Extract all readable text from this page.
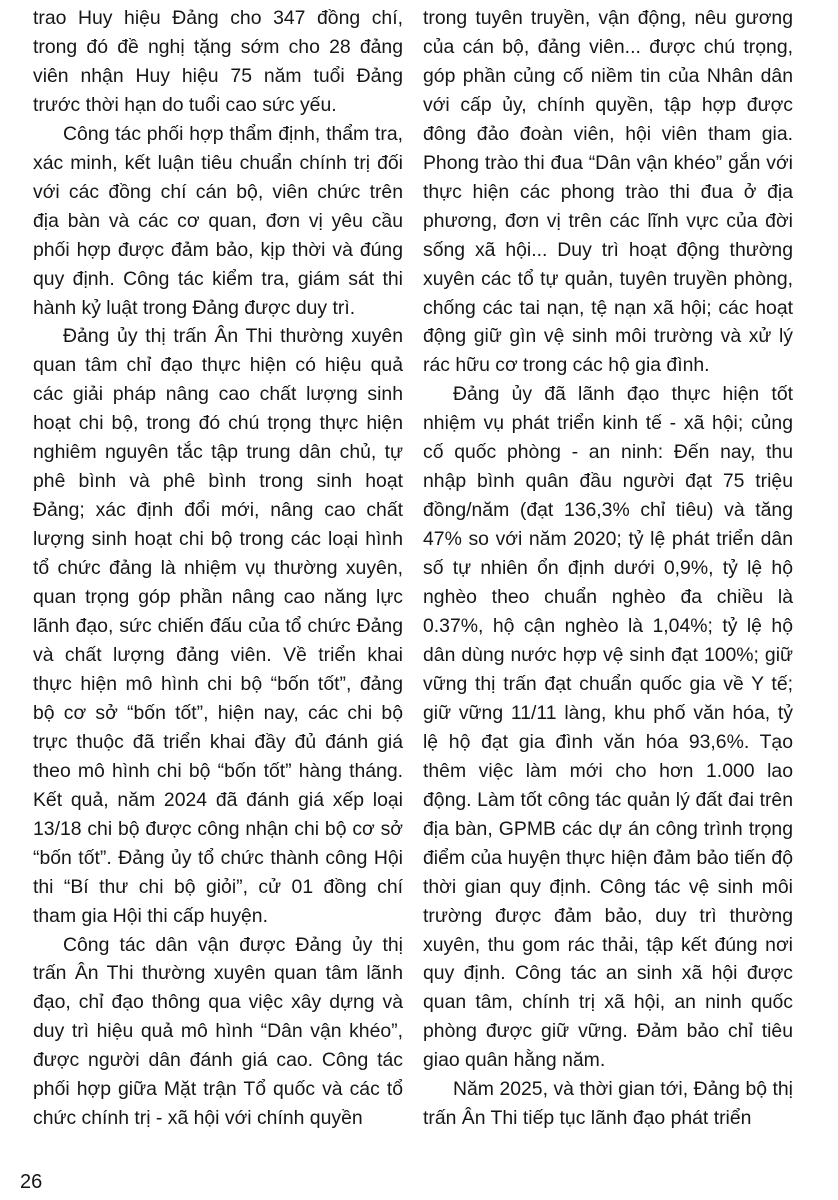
trao Huy hiệu Đảng cho 347 đồng chí, trong đó đề nghị tặng sớm cho 28 đảng viên nhận Huy hiệu 75 năm tuổi Đảng trước thời hạn do tuổi cao sức yếu.

Công tác phối hợp thẩm định, thẩm tra, xác minh, kết luận tiêu chuẩn chính trị đối với các đồng chí cán bộ, viên chức trên địa bàn và các cơ quan, đơn vị yêu cầu phối hợp được đảm bảo, kịp thời và đúng quy định. Công tác kiểm tra, giám sát thi hành kỷ luật trong Đảng được duy trì.

Đảng ủy thị trấn Ân Thi thường xuyên quan tâm chỉ đạo thực hiện có hiệu quả các giải pháp nâng cao chất lượng sinh hoạt chi bộ, trong đó chú trọng thực hiện nghiêm nguyên tắc tập trung dân chủ, tự phê bình và phê bình trong sinh hoạt Đảng; xác định đổi mới, nâng cao chất lượng sinh hoạt chi bộ trong các loại hình tổ chức đảng là nhiệm vụ thường xuyên, quan trọng góp phần nâng cao năng lực lãnh đạo, sức chiến đấu của tổ chức Đảng và chất lượng đảng viên. Về triển khai thực hiện mô hình chi bộ “bốn tốt”, đảng bộ cơ sở “bốn tốt”, hiện nay, các chi bộ trực thuộc đã triển khai đầy đủ đánh giá theo mô hình chi bộ “bốn tốt” hàng tháng. Kết quả, năm 2024 đã đánh giá xếp loại 13/18 chi bộ được công nhận chi bộ cơ sở “bốn tốt”. Đảng ủy tổ chức thành công Hội thi “Bí thư chi bộ giỏi”, cử 01 đồng chí tham gia Hội thi cấp huyện.

Công tác dân vận được Đảng ủy thị trấn Ân Thi thường xuyên quan tâm lãnh đạo, chỉ đạo thông qua việc xây dựng và duy trì hiệu quả mô hình “Dân vận khéo”, được người dân đánh giá cao. Công tác phối hợp giữa Mặt trận Tổ quốc và các tổ chức chính trị - xã hội với chính quyền

trong tuyên truyền, vận động, nêu gương của cán bộ, đảng viên... được chú trọng, góp phần củng cố niềm tin của Nhân dân với cấp ủy, chính quyền, tập hợp được đông đảo đoàn viên, hội viên tham gia. Phong trào thi đua “Dân vận khéo” gắn với thực hiện các phong trào thi đua ở địa phương, đơn vị trên các lĩnh vực của đời sống xã hội... Duy trì hoạt động thường xuyên các tổ tự quản, tuyên truyền phòng, chống các tai nạn, tệ nạn xã hội; các hoạt động giữ gìn vệ sinh môi trường và xử lý rác hữu cơ trong các hộ gia đình.

Đảng ủy đã lãnh đạo thực hiện tốt nhiệm vụ phát triển kinh tế - xã hội; củng cố quốc phòng - an ninh: Đến nay, thu nhập bình quân đầu người đạt 75 triệu đồng/năm (đạt 136,3% chỉ tiêu) và tăng 47% so với năm 2020; tỷ lệ phát triển dân số tự nhiên ổn định dưới 0,9%, tỷ lệ hộ nghèo theo chuẩn nghèo đa chiều là 0.37%, hộ cận nghèo là 1,04%; tỷ lệ hộ dân dùng nước hợp vệ sinh đạt 100%; giữ vững thị trấn đạt chuẩn quốc gia về Y tế; giữ vững 11/11 làng, khu phố văn hóa, tỷ lệ hộ đạt gia đình văn hóa 93,6%. Tạo thêm việc làm mới cho hơn 1.000 lao động. Làm tốt công tác quản lý đất đai trên địa bàn, GPMB các dự án công trình trọng điểm của huyện thực hiện đảm bảo tiến độ thời gian quy định. Công tác vệ sinh môi trường được đảm bảo, duy trì thường xuyên, thu gom rác thải, tập kết đúng nơi quy định. Công tác an sinh xã hội được quan tâm, chính trị xã hội, an ninh quốc phòng được giữ vững. Đảm bảo chỉ tiêu giao quân hằng năm.

Năm 2025, và thời gian tới, Đảng bộ thị trấn Ân Thi tiếp tục lãnh đạo phát triển

26
